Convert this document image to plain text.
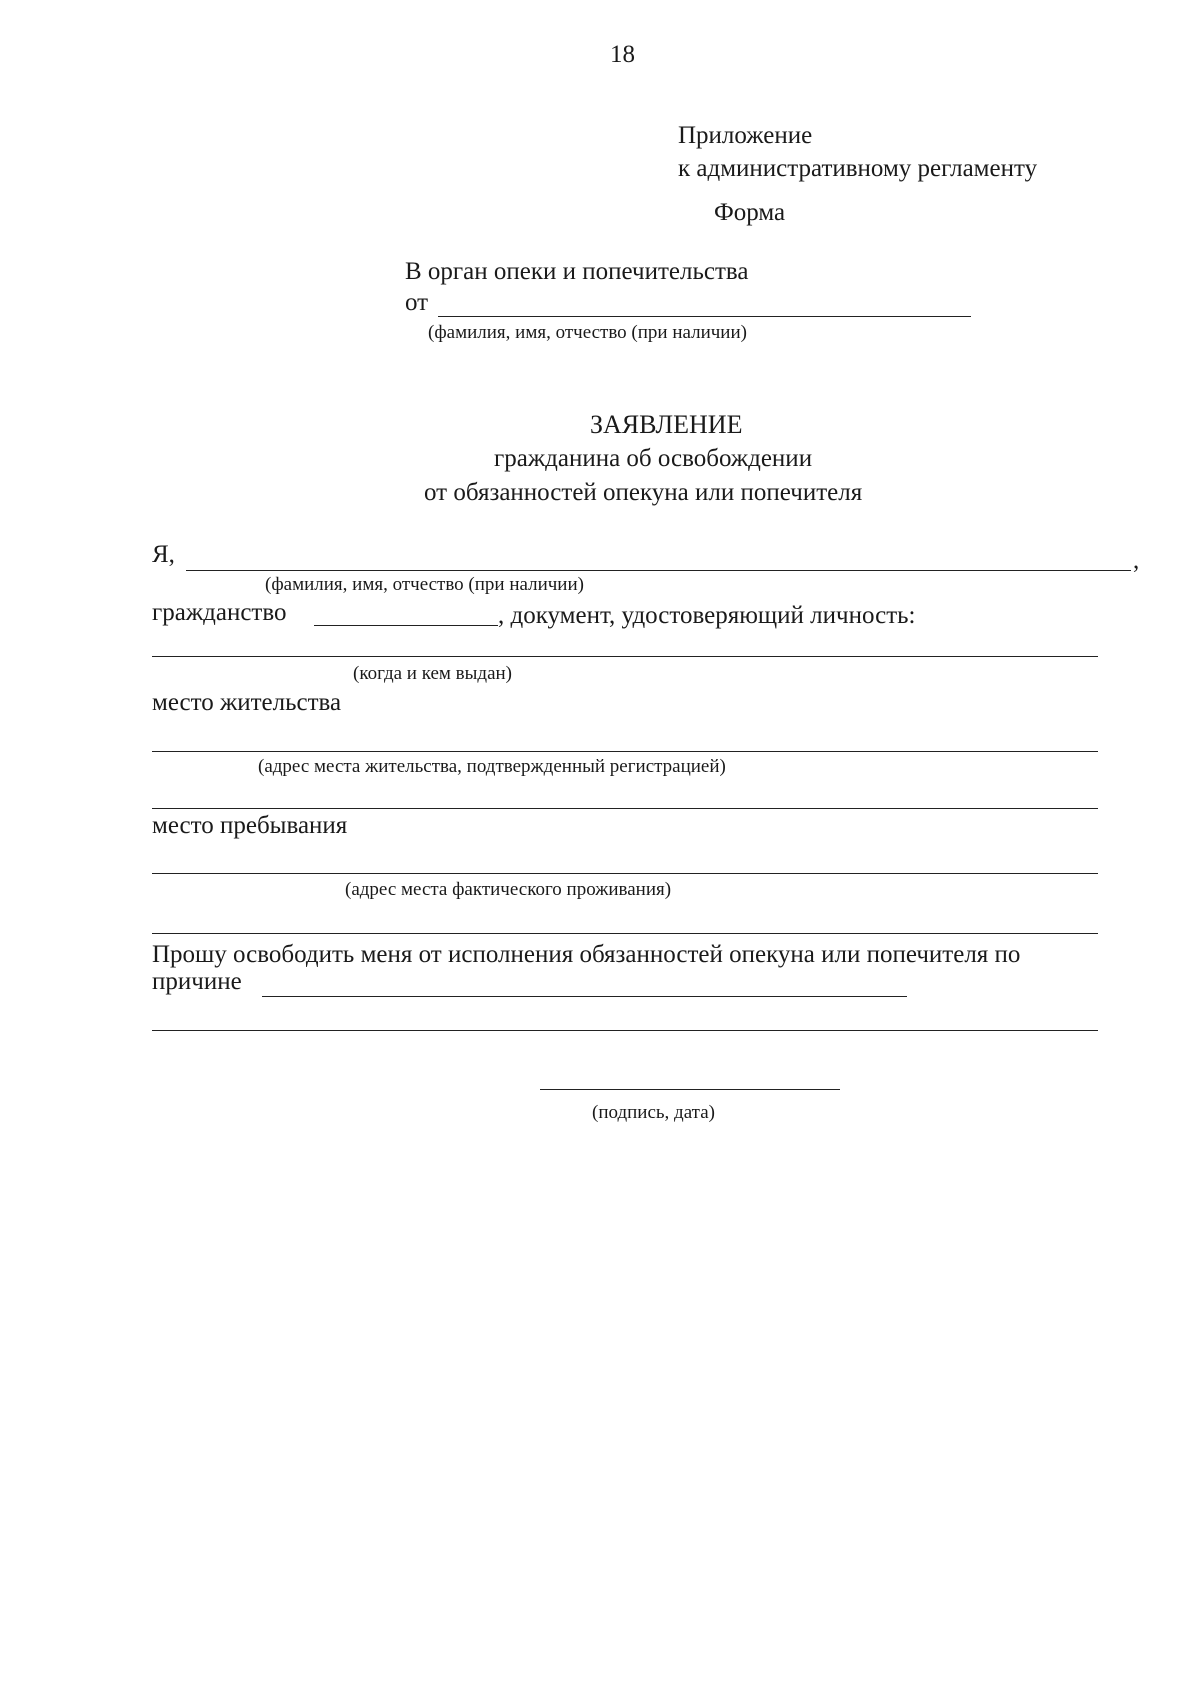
18
Приложение
к административному регламенту
Форма
В орган опеки и попечительства
от
(фамилия, имя, отчество (при наличии)
ЗАЯВЛЕНИЕ
гражданина об освобождении
от обязанностей опекуна или попечителя
Я,	,
(фамилия, имя, отчество (при наличии)
гражданство	, документ, удостоверяющий личность:
(когда и кем выдан)
место жительства
(адрес места жительства, подтвержденный регистрацией)
место пребывания
(адрес места фактического проживания)
Прошу освободить меня от исполнения обязанностей опекуна или попечителя по
причине
(подпись, дата)
